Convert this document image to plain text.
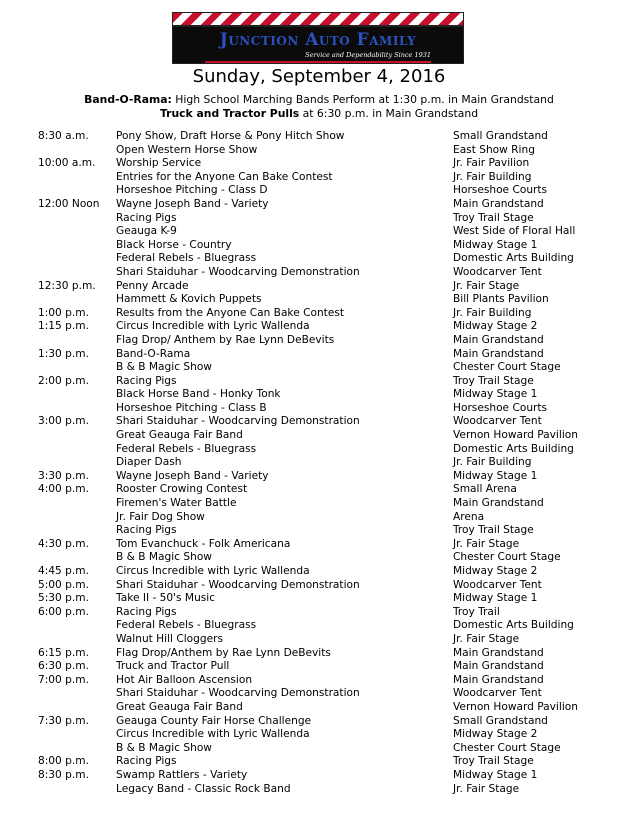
Junction Auto Family
Service and Dependability Since 1931
Sunday, September 4, 2016
Band-O-Rama: High School Marching Bands Perform at 1:30 p.m. in Main Grandstand
Truck and Tractor Pulls at 6:30 p.m. in Main Grandstand
8:30 a.m.	Pony Show, Draft Horse & Pony Hitch Show	Small Grandstand
Open Western Horse Show	East Show Ring
10:00 a.m.	Worship Service	Jr. Fair Pavilion
Entries for the Anyone Can Bake Contest	Jr. Fair Building
Horseshoe Pitching - Class D	Horseshoe Courts
12:00 Noon Wayne Joseph Band - Variety	Main Grandstand
Racing Pigs	Troy Trail Stage
Geauga K-9	West Side of Floral Hall
Black Horse - Country	Midway Stage 1
Federal Rebels - Bluegrass	Domestic Arts Building
Shari Staiduhar - Woodcarving Demonstration	Woodcarver Tent
12:30 p.m.	Penny Arcade	Jr. Fair Stage
Hammett & Kovich Puppets	Bill Plants Pavilion
1:00 p.m.	Results from the Anyone Can Bake Contest	Jr. Fair Building
1:15 p.m.	Circus Incredible with Lyric Wallenda	Midway Stage 2
Flag Drop/ Anthem by Rae Lynn DeBevits	Main Grandstand
1:30 p.m.	Band-O-Rama	Main Grandstand
B & B Magic Show	Chester Court Stage
2:00 p.m.	Racing Pigs	Troy Trail Stage
Black Horse Band - Honky Tonk	Midway Stage 1
Horseshoe Pitching - Class B	Horseshoe Courts
3:00 p.m.	Shari Staiduhar - Woodcarving Demonstration	Woodcarver Tent
Great Geauga Fair Band	Vernon Howard Pavilion
Federal Rebels - Bluegrass	Domestic Arts Building
Diaper Dash	Jr. Fair Building
3:30 p.m.	Wayne Joseph Band - Variety	Midway Stage 1
4:00 p.m.	Rooster Crowing Contest	Small Arena
Firemen's Water Battle	Main Grandstand
Jr. Fair Dog Show	Arena
Racing Pigs	Troy Trail Stage
4:30 p.m.	Tom Evanchuck - Folk Americana	Jr. Fair Stage
B & B Magic Show	Chester Court Stage
4:45 p.m.	Circus Incredible with Lyric Wallenda	Midway Stage 2
5:00 p.m.	Shari Staiduhar - Woodcarving Demonstration	Woodcarver Tent
5:30 p.m.	Take II - 50's Music	Midway Stage 1
6:00 p.m.	Racing Pigs	Troy Trail
Federal Rebels - Bluegrass	Domestic Arts Building
Walnut Hill Cloggers	Jr. Fair Stage
6:15 p.m.	Flag Drop/Anthem by Rae Lynn DeBevits	Main Grandstand
6:30 p.m.	Truck and Tractor Pull	Main Grandstand
7:00 p.m.	Hot Air Balloon Ascension	Main Grandstand
Shari Staiduhar - Woodcarving Demonstration	Woodcarver Tent
Great Geauga Fair Band	Vernon Howard Pavilion
7:30 p.m.	Geauga County Fair Horse Challenge	Small Grandstand
Circus Incredible with Lyric Wallenda	Midway Stage 2
B & B Magic Show	Chester Court Stage
8:00 p.m.	Racing Pigs	Troy Trail Stage
8:30 p.m.	Swamp Rattlers - Variety	Midway Stage 1
Legacy Band - Classic Rock Band	Jr. Fair Stage
